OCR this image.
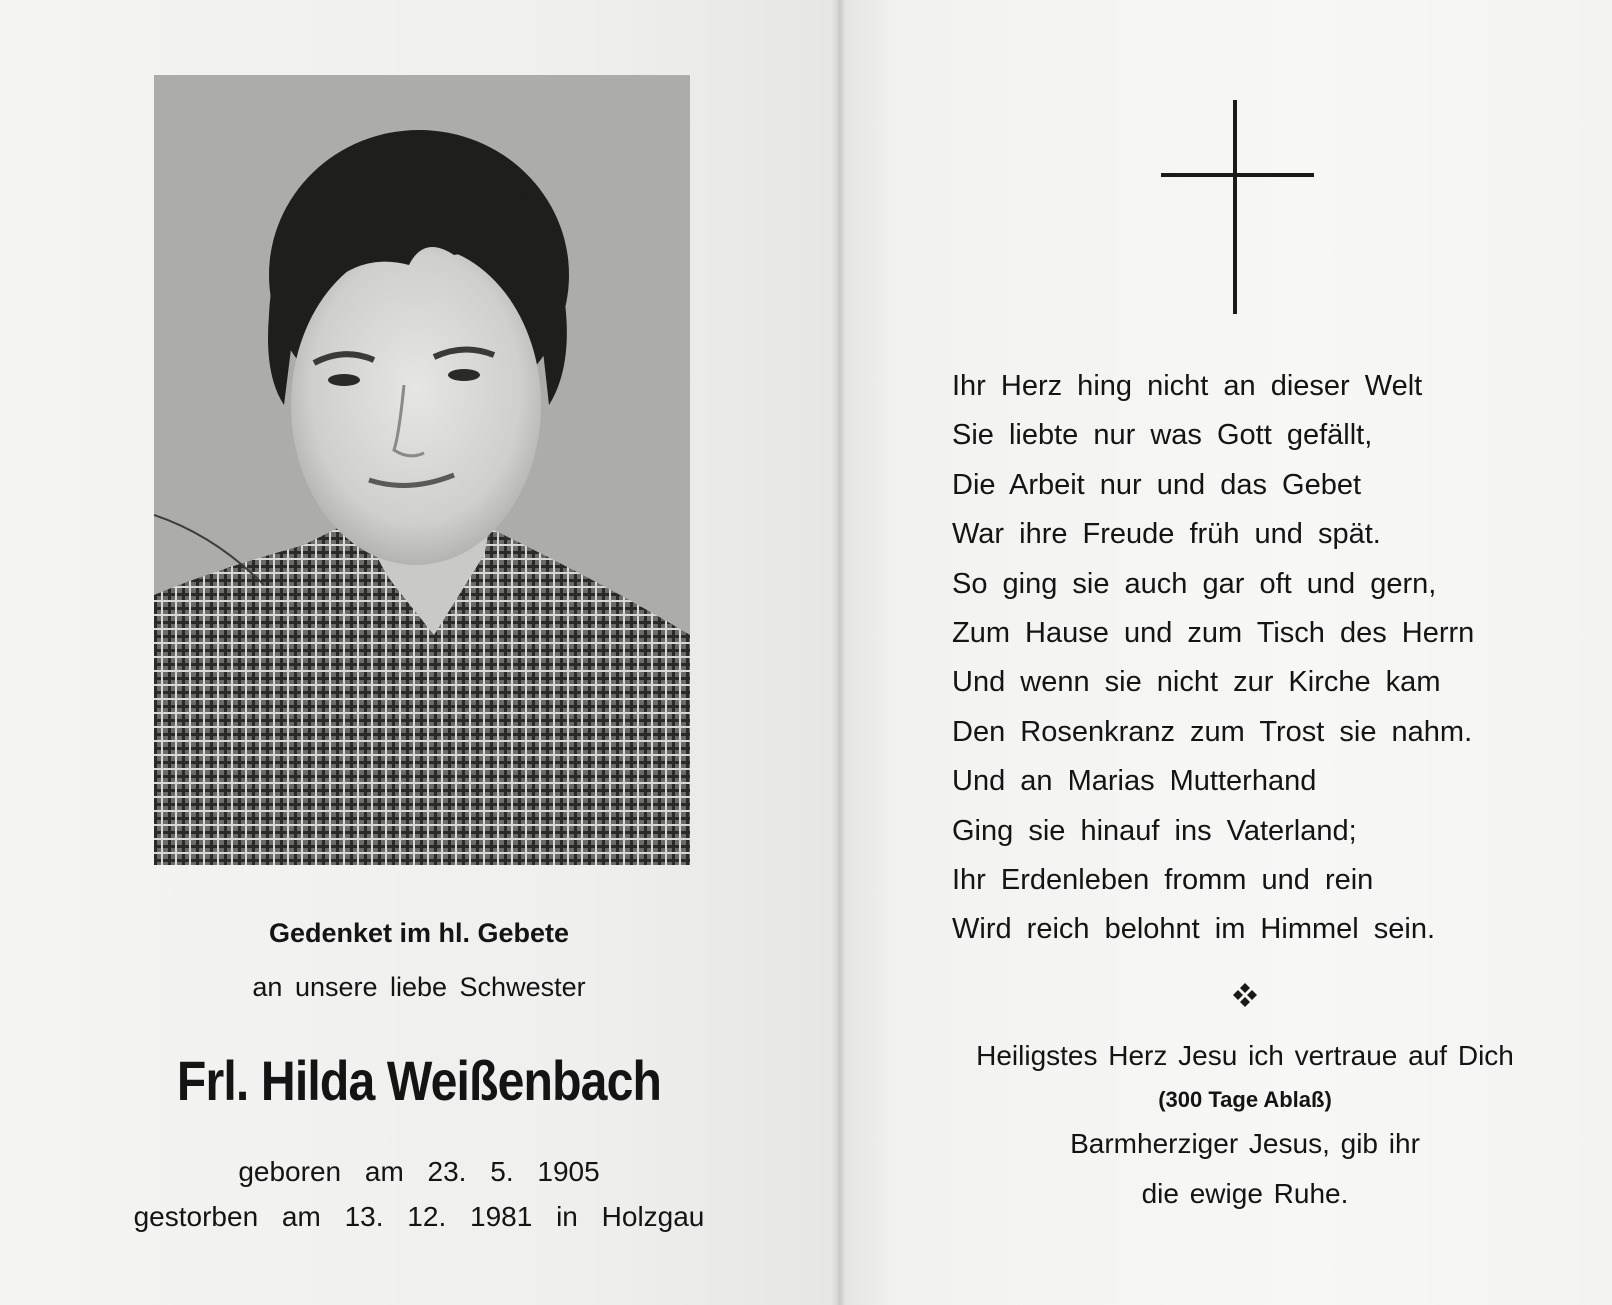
Gedenket im hl. Gebete
an unsere liebe Schwester
Frl. Hilda Weißenbach
geboren am 23. 5. 1905
gestorben am 13. 12. 1981 in Holzgau
Ihr Herz hing nicht an dieser Welt
Sie liebte nur was Gott gefällt,
Die Arbeit nur und das Gebet
War ihre Freude früh und spät.
So ging sie auch gar oft und gern,
Zum Hause und zum Tisch des Herrn
Und wenn sie nicht zur Kirche kam
Den Rosenkranz zum Trost sie nahm.
Und an Marias Mutterhand
Ging sie hinauf ins Vaterland;
Ihr Erdenleben fromm und rein
Wird reich belohnt im Himmel sein.
Heiligstes Herz Jesu ich vertraue auf Dich
(300 Tage Ablaß)
Barmherziger Jesus, gib ihr
die ewige Ruhe.
